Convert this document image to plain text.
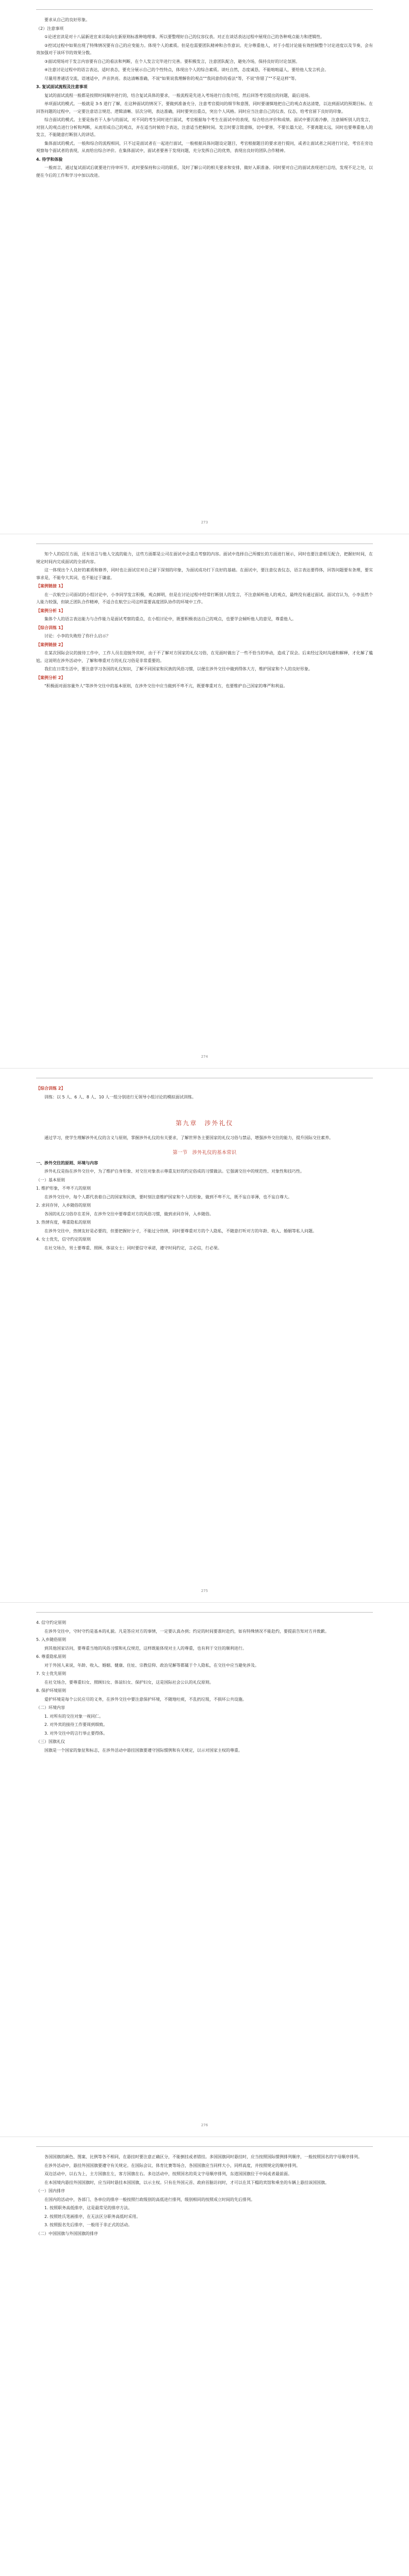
要求从自己的良好形象。

（2）注意事项

①论述宣读是对十八届新进宣来访取向在新原则标准种地理事。所以要整理好自己的仪容仪表。对正在谈话表达过程中展现自己的各种观点能力和逻辑性。

②控试过程中如果出现了特殊情况要有自己的应变能力。体现个人的素质。但是也需要团队精神和合作意识。充分尊重他人，对于小组讨论能有效控制整个讨论进度以及节奏，会有效加强对于该环节的效果分数。

③面试现场对于发言内容要有自己的看法和判断，在个人发言完毕进行完善。要积极发言，注意团队配合，避免冷场，保持良好的讨论氛围。

④注意讨论过程中的语言表达，适时表态，要充分展示自己的个性特点，体现出个人的综合素质。谈吐自然，态度诚恳，不能咄咄逼人，要给他人发言机会。

尽量用普通话交流，语速适中，声音洪亮。表达清晰准确，不说"如果说我理解你的观点""我同意你的看法"等，不说"你错了""不是这样"等。

3. 复试面试流程及注意事项

复试的面试流程一般都是按照时间顺序进行的，结合复试具体的要求，一般流程是先进入考场进行自我介绍，然后回答考官提出的问题，最后退场。

单项面试的模式。一般就是 3-5 道行了解，在这种面试的情况下，要做到准备充分，注意考官提问的细节和意图，同时要谨慎地把自己的观点表达清楚，以达到面试的预期目标。在回答问题的过程中，一定要注意语言规范、逻辑清晰、层次分明，表达准确，同时要突出重点，突出个人风格。同时应当注意自己的仪表、仪态，给考官留下良好的印象。

综合面试的模式。主要是指若干人参与的面试，对不同的考生同时进行面试，考官根据每个考生在面试中的表现，综合给出评价和成绩。面试中要沉着冷静，注意倾听别人的发言，对别人的观点进行分析和判断，从而形成自己的观点，并在适当时候给予表达，注意适当把握时间。发言时要言简意赅，切中要害，不要长篇大论，不要离题太远，同时也要尊重他人的发言，不能随意打断别人的讲话。

集体面试的模式。一般和综合的流程相同，只不过是面试者在一起进行面试，一般根据具体问题设定题目，考官根据题目的要求进行提问，或者让面试者之间进行讨论，考官在旁边观察每个面试者的表现，从而给出综合评价。在集体面试中，面试者要善于发现问题，充分发挥自己的优势，表现出良好的团队合作精神。

4. 待学和体验

一般而言，通过复试面试后就要进行待审环节。此时要保持和公司的联系，及时了解公司的相关要求和安排，做好入职准备。同时要对自己的面试表现进行总结，发现不足之处，以便在今后的工作和学习中加以改进。

273

知个人的信任方面，还有语言与他人交流的能力，这些方面都是公司在面试中会重点考察的内容。面试中选择自己所擅长的方面进行展示，同时也要注意相互配合，把握好时间，在规定时间内完成面试的全部内容。

这一体现出个人良好的素质和修养，同时也让面试官对自己留下深刻的印象，为面试成功打下良好的基础。在面试中，要注意仪表仪态，语言表达要得体，回答问题要有条理，要实事求是，不能夸大其词，也不能过于谦虚。

【案例链接 1】

在一次航空公司面试的小组讨论中，小李同学发言积极，观点鲜明，但是在讨论过程中经常打断别人的发言，不注意倾听他人的观点，最终没有通过面试。面试官认为，小李虽然个人能力较强，但缺乏团队合作精神，不适合在航空公司这样需要高度团队协作的环境中工作。

【案例分析 1】

集体个人的语言表达能力与合作能力是面试考察的重点，在小组讨论中，既要积极表达自己的观点，也要学会倾听他人的意见，尊重他人。

【综合训练 1】

讨论：小李的失败给了你什么启示？

【案例链接 2】

在某次国际会议的接待工作中，工作人员在迎接外宾时，由于不了解对方国家的礼仪习俗，在见面时做出了一些不恰当的举动，造成了误会。后来经过及时沟通和解释，才化解了尴尬。这说明在涉外活动中，了解和尊重对方的礼仪习俗是非常重要的。

我们在日常生活中，要注意学习各国的礼仪知识，了解不同国家和民族的风俗习惯，以便在涉外交往中做到得体大方，维护国家和个人的良好形象。

【案例分析 2】

"积极面对面容量外人"等涉外交往中的基本原则，在涉外交往中应当做到不卑不亢，既要尊重对方，也要维护自己国家的尊严和利益。

274

【综合训练 2】

训练：以 5 人、6 人、8 人、10 人一组分别进行无领导小组讨论的模拟面试训练。

第九章　涉外礼仪

通过学习，使学生理解涉外礼仪的含义与原则，掌握涉外礼仪的有关要求，了解世界各主要国家的礼仪习俗与禁忌，增强涉外交往的能力，提升国际交往素养。

第一节　涉外礼仪的基本常识

一、涉外交往的原则、环境与内容

涉外礼仪是指在涉外交往中，为了维护自身形象、对交往对象表示尊重友好的约定俗成的习惯做法。它强调交往中的规范性、对象性和技巧性。

（一）基本原则

1. 维护形象，不卑不亢的原则

在涉外交往中，每个人都代表着自己的国家和民族，要时刻注意维护国家和个人的形象，做到不卑不亢，既不妄自菲薄，也不妄自尊大。

2. 求同存异，入乡随俗的原则

各国的礼仪习俗存在差异，在涉外交往中要尊重对方的风俗习惯，做到求同存异，入乡随俗。

3. 热情有度，尊重隐私的原则

在涉外交往中，热情友好是必要的，但要把握好分寸，不能过分热情，同时要尊重对方的个人隐私，不随意打听对方的年龄、收入、婚姻等私人问题。

4. 女士优先，信守约定的原则

在社交场合，男士要尊重、照顾、体谅女士；同时要信守承诺，遵守时间约定，言必信，行必果。

275

4. 信守约定原则

在涉外交往中，守时守约是基本的礼貌。凡是答应对方的事情，一定要认真办到；约定的时间要准时赴约，如有特殊情况不能赴约，要提前告知对方并致歉。

5. 入乡随俗原则

到其他国家访问，要尊重当地的风俗习惯和礼仪规范，这样既能体现对主人的尊重，也有利于交往的顺利进行。

6. 尊重隐私原则

对于外国人来说，年龄、收入、婚姻、健康、住址、宗教信仰、政治见解等都属于个人隐私，在交往中应当避免涉及。

7. 女士优先原则

在社交场合，要尊重妇女、照顾妇女、体谅妇女、保护妇女，这是国际社会公认的礼仪原则。

8. 保护环境原则

爱护环境是每个公民应尽的义务，在涉外交往中要注意保护环境，不随地吐痰，不乱扔垃圾，不损坏公共设施。

（二）环境内容

1. 对所有的交往对象一视同仁。

2. 对外宾的接待工作要周到细致。

3. 对外交往中的言行举止要得体。

（三）国旗礼仪

国旗是一个国家的象征和标志，在涉外活动中悬挂国旗要遵守国际惯例和有关规定，以示对国家主权的尊重。

276

各国国旗的颜色、图案、比例等各不相同，在悬挂时要注意正确区分，不能倒挂或者错挂。多国国旗同时悬挂时，应当按照国际惯例排列顺序，一般按照国名的字母顺序排列。

在涉外活动中，悬挂外国国旗要遵守有关规定。在国际会议、体育比赛等场合，各国国旗应当同样大小，同样高度，并按照规定的顺序排列。

双边活动中，以右为上，主方国旗在左，客方国旗在右。多边活动中，按照国名的英文字母顺序排列，东道国国旗位于中间或者最前面。

在本国境内悬挂外国国旗时，应当同时悬挂本国国旗，以示主权。只有在外国元首、政府首脑访问时，才可以在其下榻的宾馆和乘坐的车辆上悬挂该国国旗。

（一）国内排序

在国内的活动中，各部门、各单位的排序一般按照行政级别的高低进行排列，级别相同的按照成立时间的先后排列。

1. 按照职务高低排序，这是最常见的排序方法。

2. 按照姓氏笔画排序，在无法区分职务高低时采用。

3. 按照报名先后排序，一般用于非正式的活动。

（二）中国国旗与外国国旗的排序
